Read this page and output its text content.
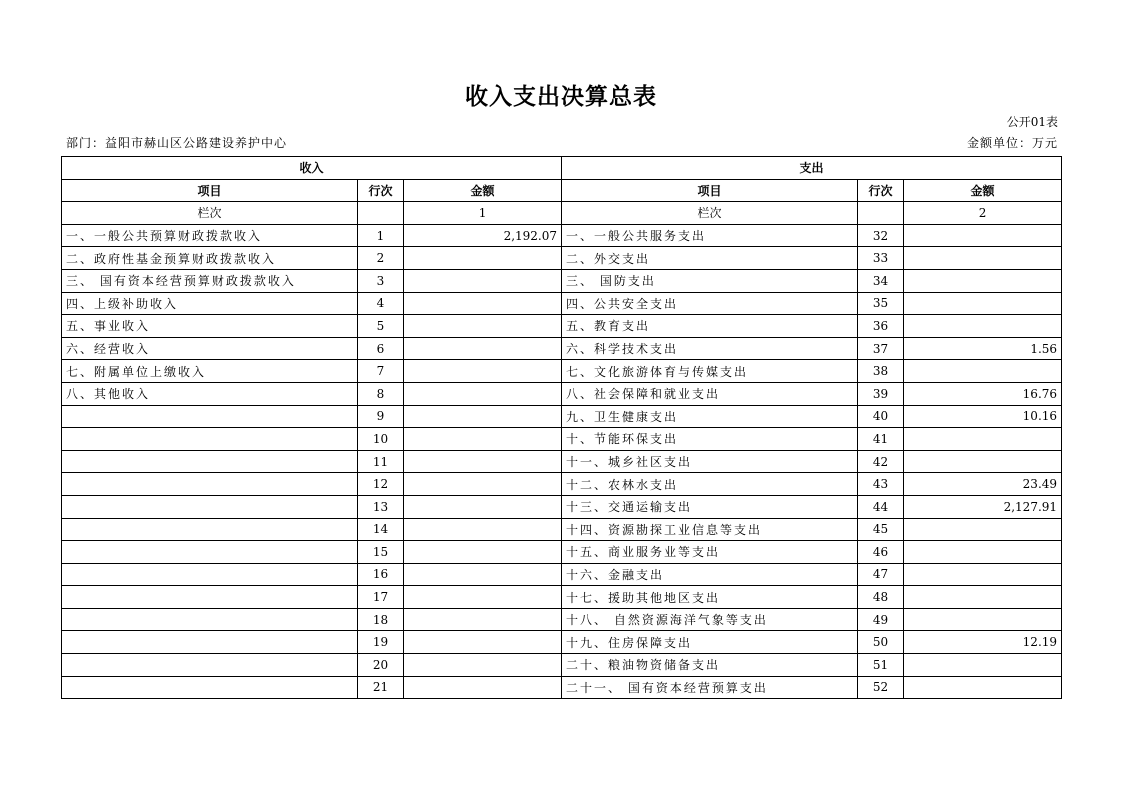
收入支出决算总表
公开01表
部门：益阳市赫山区公路建设养护中心	金额单位：万元
收入			支出		
项目	行次	金额	项目	行次	金额
栏次		1	栏次		2
一、一般公共预算财政拨款收入	1	2,192.07	一、一般公共服务支出	32	
二、政府性基金预算财政拨款收入	2		二、外交支出	33	
三、 国有资本经营预算财政拨款收入	3		三、 国防支出	34	
四、上级补助收入	4		四、公共安全支出	35	
五、事业收入	5		五、教育支出	36	
六、经营收入	6		六、科学技术支出	37	1.56
七、附属单位上缴收入	7		七、文化旅游体育与传媒支出	38	
八、其他收入	8		八、社会保障和就业支出	39	16.76
	9		九、卫生健康支出	40	10.16
	10		十、节能环保支出	41	
	11		十一、城乡社区支出	42	
	12		十二、农林水支出	43	23.49
	13		十三、交通运输支出	44	2,127.91
	14		十四、资源勘探工业信息等支出	45	
	15		十五、商业服务业等支出	46	
	16		十六、金融支出	47	
	17		十七、援助其他地区支出	48	
	18		十八、 自然资源海洋气象等支出	49	
	19		十九、住房保障支出	50	12.19
	20		二十、粮油物资储备支出	51	
	21		二十一、 国有资本经营预算支出	52	
